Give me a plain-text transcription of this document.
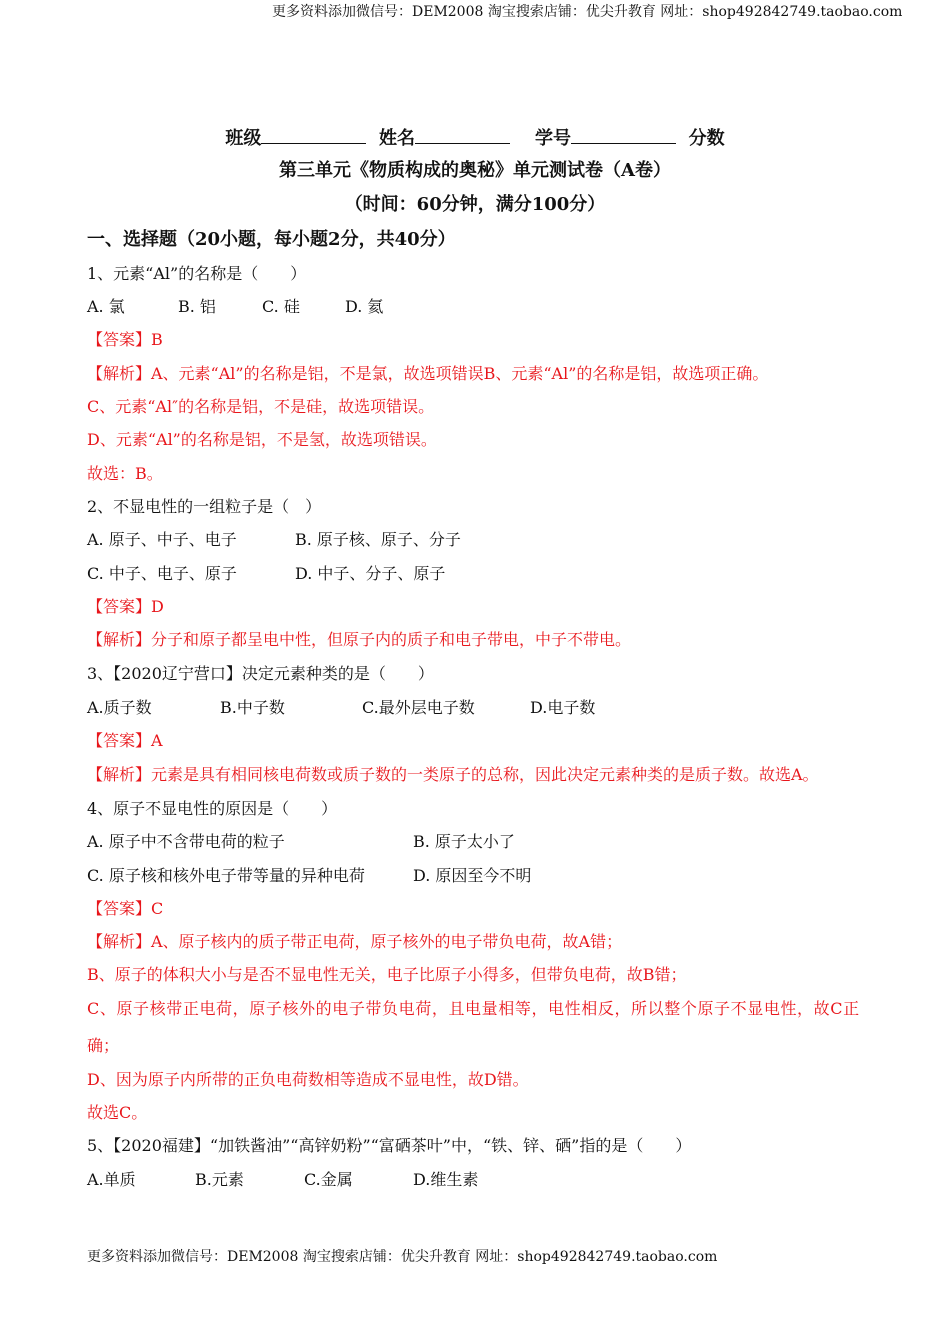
更多资料添加微信号：DEM2008 淘宝搜索店铺：优尖升教育 网址：shop492842749.taobao.com
班级	姓名	学号	分数
第三单元《物质构成的奥秘》单元测试卷（A卷）
（时间：60分钟，满分100分）
一、选择题（20小题，每小题2分，共40分）
1、元素“Al”的名称是（　　）
A. 氯	B. 铝	C. 硅	D. 氦
【答案】B
【解析】A、元素“Al”的名称是铝，不是氯，故选项错误B、元素“Al”的名称是铝，故选项正确。
C、元素“Al″的名称是铝，不是硅，故选项错误。
D、元素“Al”的名称是铝，不是氢，故选项错误。
故选：B。
2、不显电性的一组粒子是（　）
A. 原子、中子、电子	B. 原子核、原子、分子
C. 中子、电子、原子	D. 中子、分子、原子
【答案】D
【解析】分子和原子都呈电中性，但原子内的质子和电子带电，中子不带电。
3、【2020辽宁营口】决定元素种类的是（　　）
A.质子数	B.中子数	C.最外层电子数	D.电子数
【答案】A
【解析】元素是具有相同核电荷数或质子数的一类原子的总称，因此决定元素种类的是质子数。故选A。
4、原子不显电性的原因是（　　）
A. 原子中不含带电荷的粒子	B. 原子太小了
C. 原子核和核外电子带等量的异种电荷	D. 原因至今不明
【答案】C
【解析】A、原子核内的质子带正电荷，原子核外的电子带负电荷，故A错；
B、原子的体积大小与是否不显电性无关，电子比原子小得多，但带负电荷，故B错；
C、原子核带正电荷，原子核外的电子带负电荷，且电量相等，电性相反，所以整个原子不显电性，故C正
确；
D、因为原子内所带的正负电荷数相等造成不显电性，故D错。
故选C。
5、【2020福建】“加铁酱油”“高锌奶粉”“富硒茶叶”中，“铁、锌、硒”指的是（　　）
A.单质	B.元素	C.金属	D.维生素
更多资料添加微信号：DEM2008 淘宝搜索店铺：优尖升教育 网址：shop492842749.taobao.com
